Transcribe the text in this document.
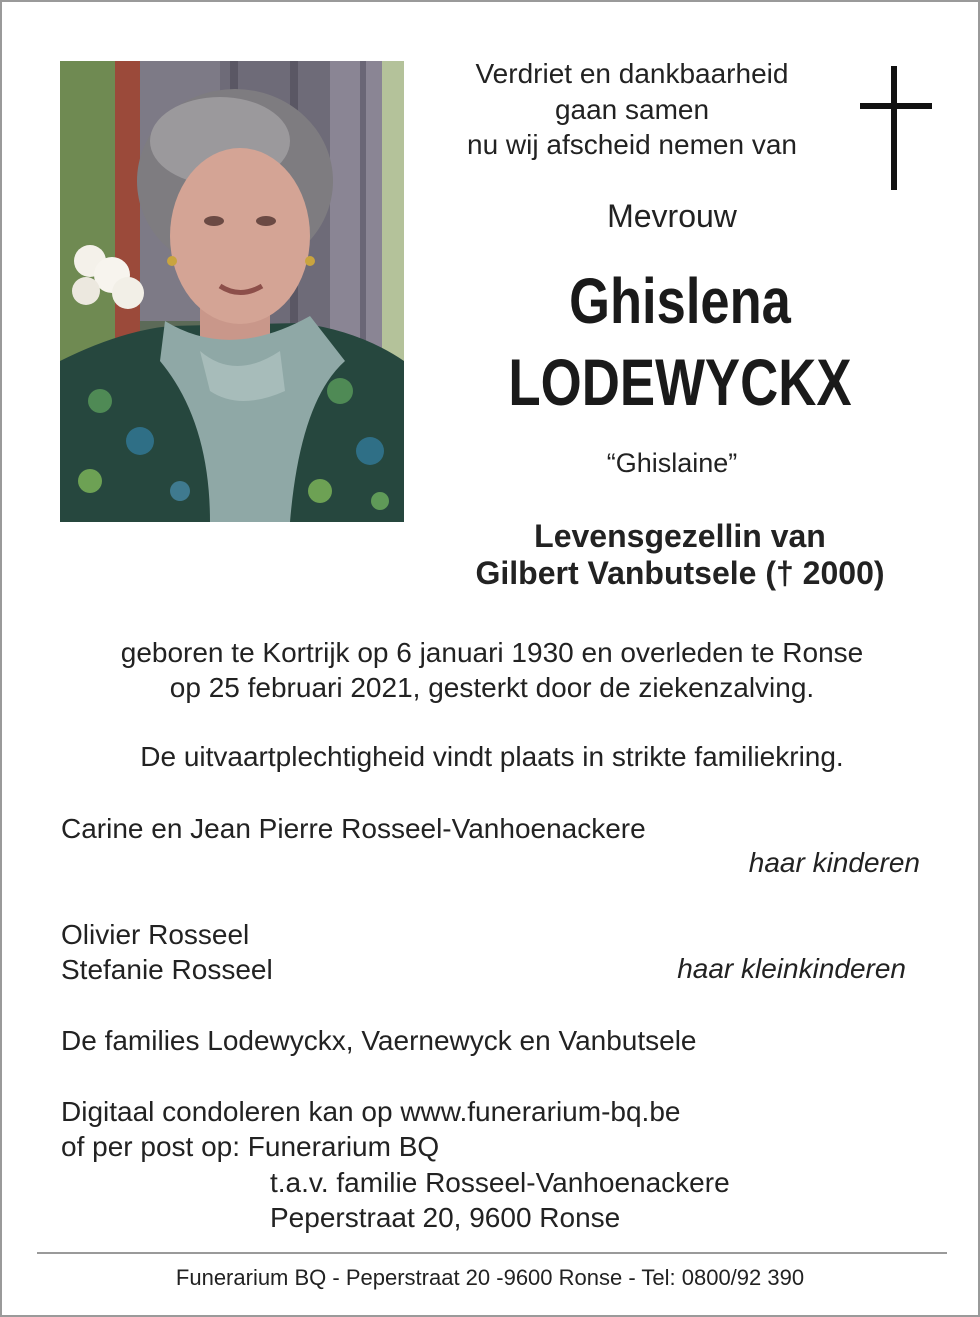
Verdriet en dankbaarheid
gaan samen
nu wij afscheid nemen van
Mevrouw
Ghislena
LODEWYCKX
“Ghislaine”
Levensgezellin van
Gilbert Vanbutsele († 2000)
geboren te Kortrijk op 6 januari 1930 en overleden te Ronse
op 25 februari 2021, gesterkt door de ziekenzalving.
De uitvaartplechtigheid vindt plaats in strikte familiekring.
Carine en Jean Pierre Rosseel-Vanhoenackere
haar kinderen
Olivier Rosseel
Stefanie Rosseel	haar kleinkinderen
De families Lodewyckx, Vaernewyck en Vanbutsele
Digitaal condoleren kan op www.funerarium-bq.be
of per post op: Funerarium BQ
t.a.v. familie Rosseel-Vanhoenackere
Peperstraat 20, 9600 Ronse
Funerarium BQ - Peperstraat 20 -9600 Ronse - Tel: 0800/92 390
